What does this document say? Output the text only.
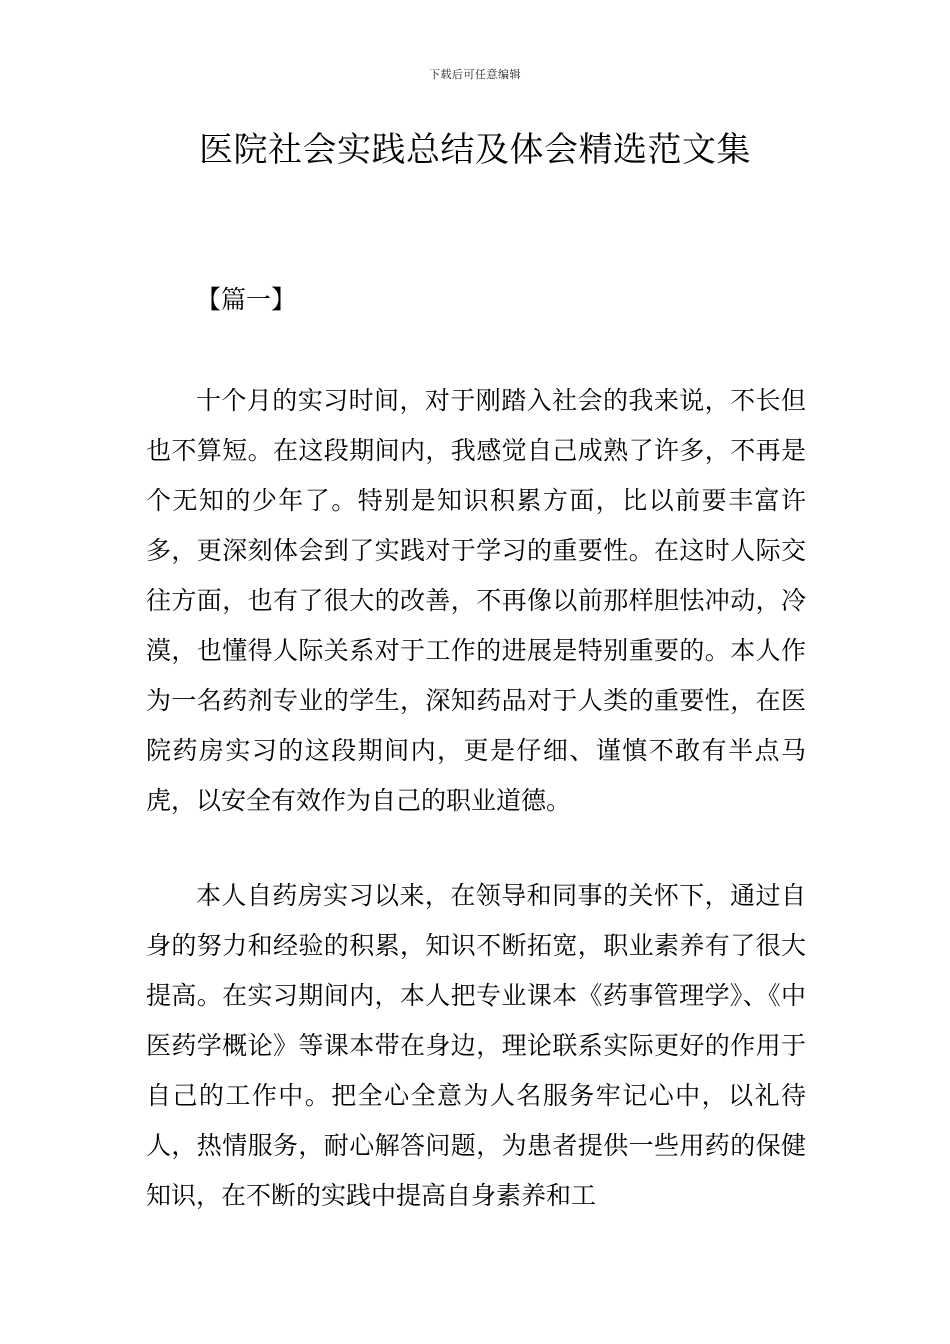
下载后可任意编辑
医院社会实践总结及体会精选范文集
【篇一】

十个月的实习时间，对于刚踏入社会的我来说，不长但也不算短。在这段期间内，我感觉自己成熟了许多，不再是个无知的少年了。特别是知识积累方面，比以前要丰富许多，更深刻体会到了实践对于学习的重要性。在这时人际交往方面，也有了很大的改善，不再像以前那样胆怯冲动，冷漠，也懂得人际关系对于工作的进展是特别重要的。本人作为一名药剂专业的学生，深知药品对于人类的重要性，在医院药房实习的这段期间内，更是仔细、谨慎不敢有半点马虎，以安全有效作为自己的职业道德。

本人自药房实习以来，在领导和同事的关怀下，通过自身的努力和经验的积累，知识不断拓宽，职业素养有了很大提高。在实习期间内，本人把专业课本《药事管理学》、《中医药学概论》等课本带在身边，理论联系实际更好的作用于自己的工作中。把全心全意为人名服务牢记心中，以礼待人，热情服务，耐心解答问题，为患者提供一些用药的保健知识，在不断的实践中提高自身素养和工
